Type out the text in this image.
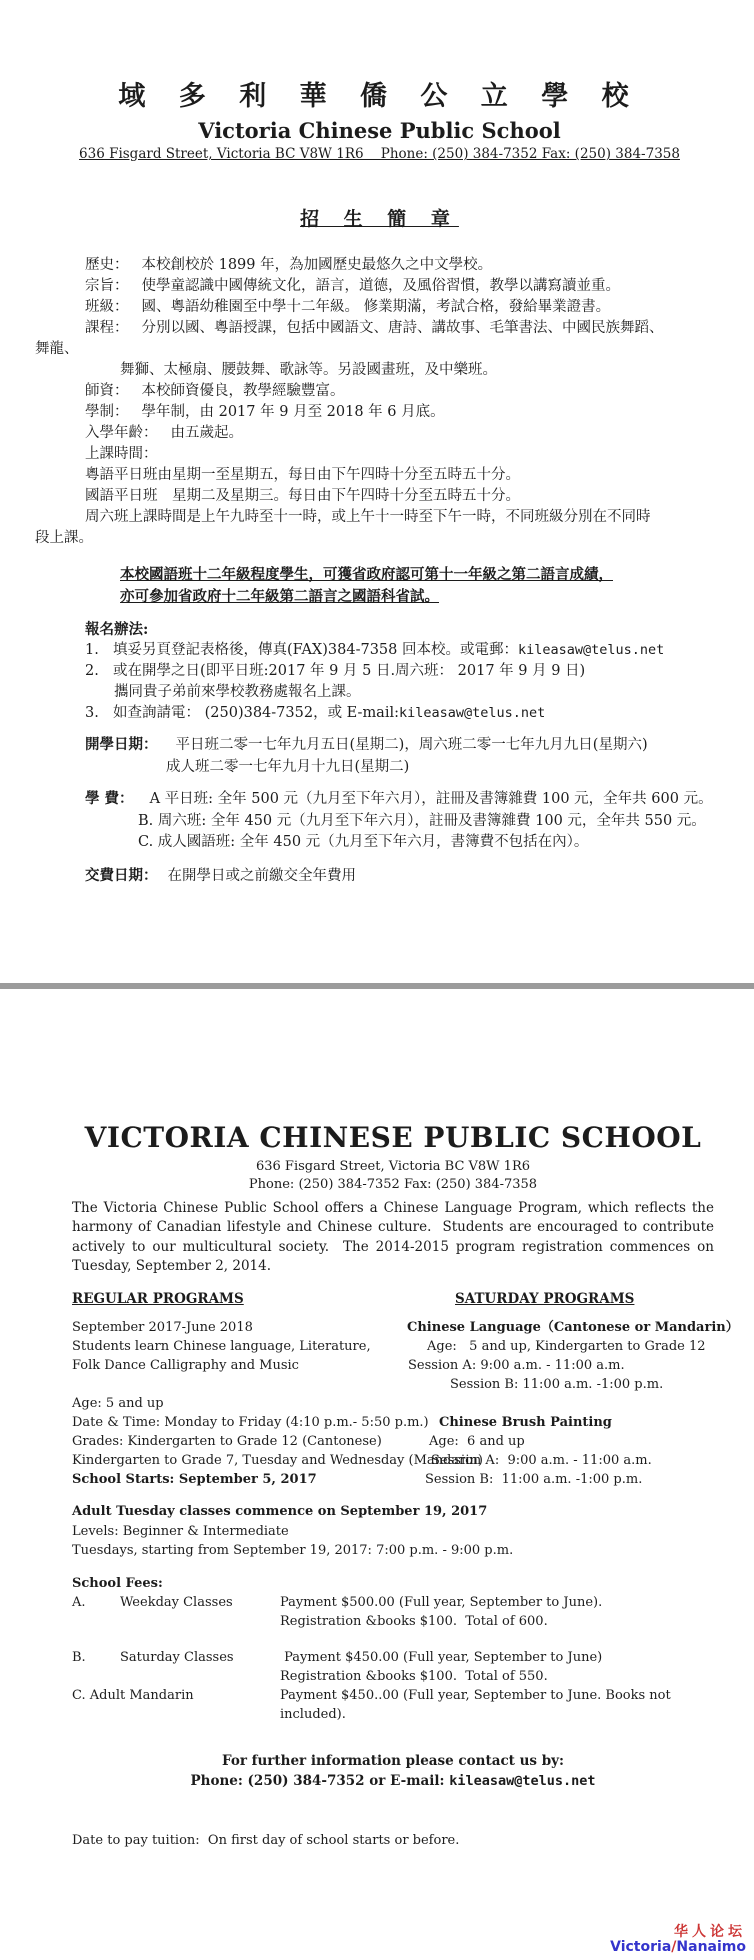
域 多 利 華 僑 公 立 學 校
Victoria Chinese Public School
636 Fisgard Street, Victoria BC V8W 1R6    Phone: (250) 384-7352 Fax: (250) 384-7358
招 生 簡 章
歷史： 本校創校於 1899 年，為加國歷史最悠久之中文學校。
宗旨： 使學童認識中國傳統文化，語言，道德，及風俗習慣，教學以講寫讀並重。
班級： 國、粵語幼稚園至中學十二年級。 修業期滿，考試合格，發給畢業證書。
課程： 分別以國、粵語授課，包括中國語文、唐詩、講故事、毛筆書法、中國民族舞蹈、
舞龍、
舞獅、太極扇、腰鼓舞、歌詠等。另設國畫班，及中樂班。
師資： 本校師資優良，教學經驗豐富。
學制： 學年制，由 2017 年 9 月至 2018 年 6 月底。
入學年齡： 由五歲起。
上課時間：
粵語平日班由星期一至星期五，每日由下午四時十分至五時五十分。
國語平日班　星期二及星期三。每日由下午四時十分至五時五十分。
周六班上課時間是上午九時至十一時，或上午十一時至下午一時，不同班級分別在不同時
段上課。
本校國語班十二年級程度學生，可獲省政府認可第十一年級之第二語言成績，
亦可參加省政府十二年級第二語言之國語科省試。
報名辦法:
1. 填妥另頁登記表格後，傳真(FAX)384-7358 回本校。或電郵：kileasaw@telus.net
2. 或在開學之日(即平日班:2017 年 9 月 5 日.周六班： 2017 年 9 月 9 日)
攜同貴子弟前來學校教務處報名上課。
3. 如查詢請電： (250)384-7352，或 E-mail:kileasaw@telus.net
開學日期： 平日班二零一七年九月五日(星期二)，周六班二零一七年九月九日(星期六)
成人班二零一七年九月十九日(星期二)
學 費： A 平日班: 全年 500 元（九月至下年六月），註冊及書簿雜費 100 元，全年共 600 元。
B. 周六班: 全年 450 元（九月至下年六月），註冊及書簿雜費 100 元，全年共 550 元。
C. 成人國語班: 全年 450 元（九月至下年六月，書簿費不包括在內）。
交費日期： 在開學日或之前繳交全年費用
VICTORIA CHINESE PUBLIC SCHOOL
636 Fisgard Street, Victoria BC V8W 1R6
Phone: (250) 384-7352 Fax: (250) 384-7358
The Victoria Chinese Public School offers a Chinese Language Program, which reflects the harmony of Canadian lifestyle and Chinese culture.  Students are encouraged to contribute actively to our multicultural society.  The 2014-2015 program registration commences on Tuesday, September 2, 2014.
REGULAR PROGRAMS	SATURDAY PROGRAMS
September 2017-June 2018
Students learn Chinese language, Literature,
Folk Dance Calligraphy and Music
Age: 5 and up
Date & Time: Monday to Friday (4:10 p.m.- 5:50 p.m.)
Grades: Kindergarten to Grade 12 (Cantonese)
Kindergarten to Grade 7, Tuesday and Wednesday (Mandarin)
School Starts: September 5, 2017
Chinese Language（Cantonese or Mandarin）
Age:   5 and up, Kindergarten to Grade 12
Session A: 9:00 a.m. - 11:00 a.m.
Session B: 11:00 a.m. -1:00 p.m.
Chinese Brush Painting
Age:  6 and up
Session A:  9:00 a.m. - 11:00 a.m.
Session B:  11:00 a.m. -1:00 p.m.
Adult Tuesday classes commence on September 19, 2017
Levels: Beginner & Intermediate
Tuesdays, starting from September 19, 2017: 7:00 p.m. - 9:00 p.m.
School Fees:
A.	Weekday Classes	Payment $500.00 (Full year, September to June).
Registration &books $100.  Total of 600.
B.	Saturday Classes	Payment $450.00 (Full year, September to June)
Registration &books $100.  Total of 550.
C. Adult Mandarin	Payment $450..00 (Full year, September to June. Books not included).
For further information please contact us by:
Phone: (250) 384-7352 or E-mail: kileasaw@telus.net
Date to pay tuition:  On first day of school starts or before.
华人论坛
Victoria/Nanaimo
